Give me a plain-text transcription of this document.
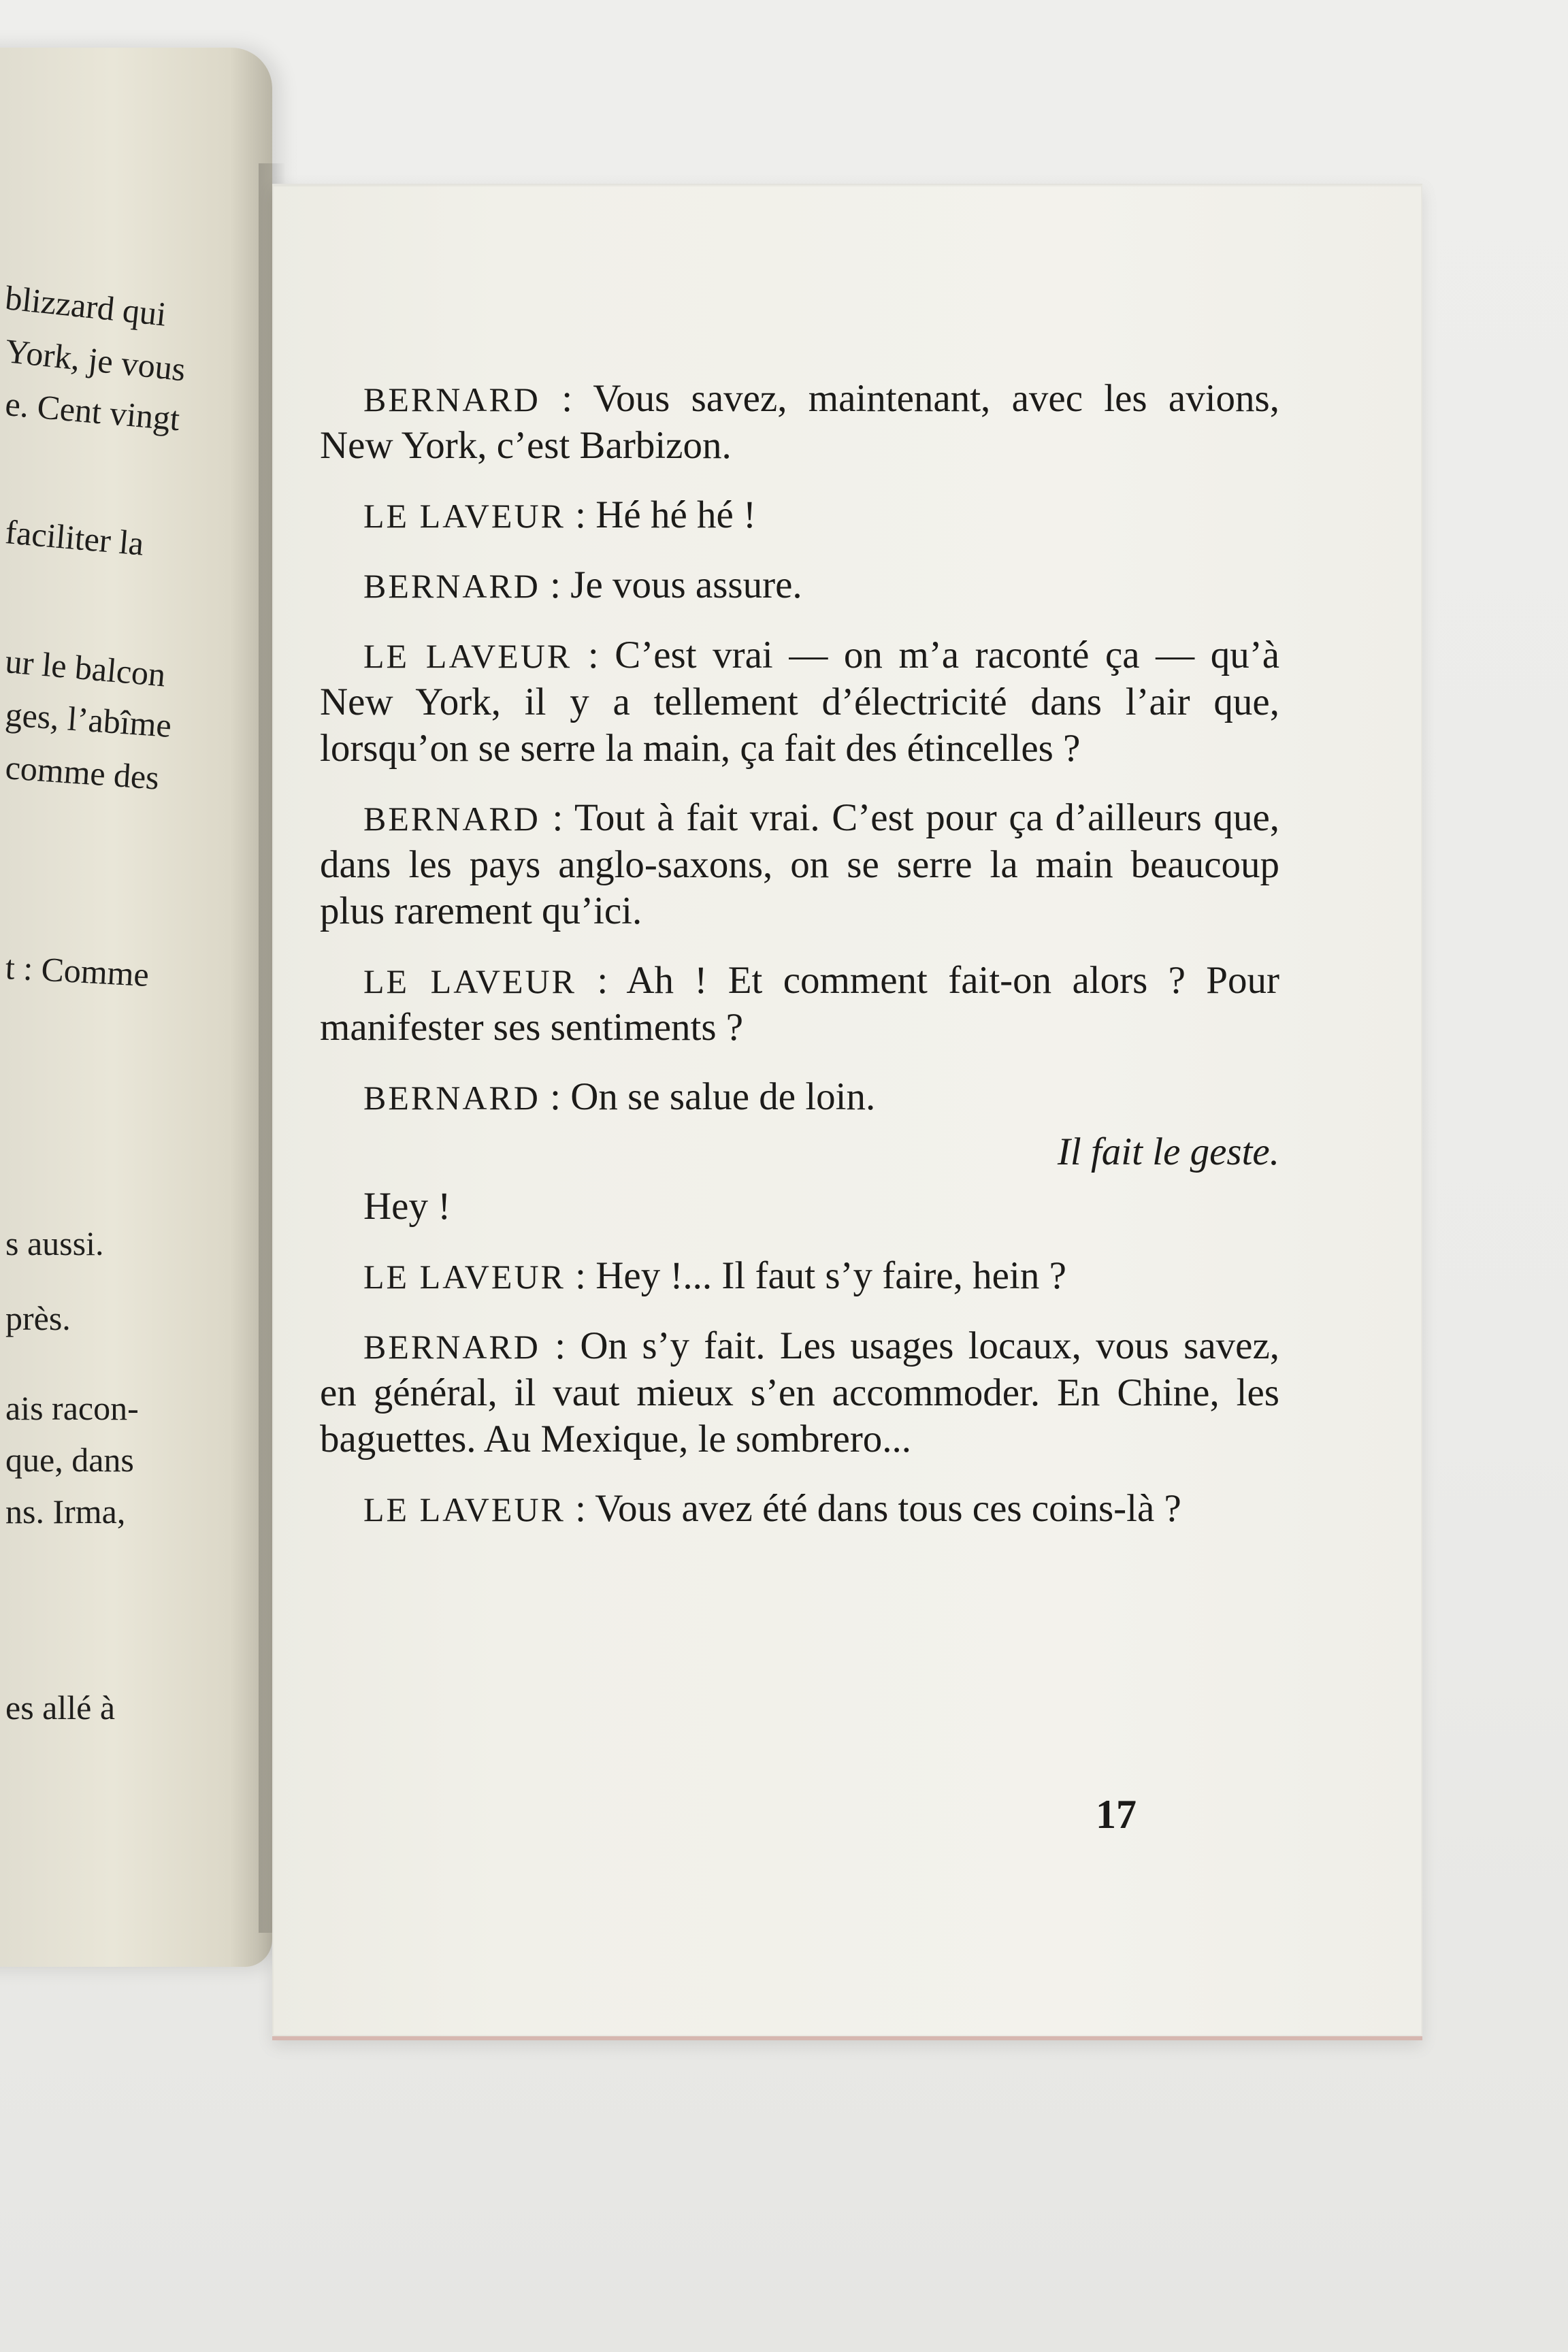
blizzard qui
York, je vous
e. Cent vingt
faciliter la
ur le balcon
ges, l’abîme
comme des
t : Comme
s aussi.
près.
ais racon-
que, dans
ns. Irma,
es allé à

BERNARD : Vous savez, maintenant, avec les avions, New York, c’est Barbizon.

LE LAVEUR : Hé hé hé !

BERNARD : Je vous assure.

LE LAVEUR : C’est vrai — on m’a raconté ça — qu’à New York, il y a tellement d’électricité dans l’air que, lorsqu’on se serre la main, ça fait des étincelles ?

BERNARD : Tout à fait vrai. C’est pour ça d’ailleurs que, dans les pays anglo-saxons, on se serre la main beaucoup plus rarement qu’ici.

LE LAVEUR : Ah ! Et comment fait-on alors ? Pour manifester ses sentiments ?

BERNARD : On se salue de loin.

Il fait le geste.

Hey !

LE LAVEUR : Hey !... Il faut s’y faire, hein ?

BERNARD : On s’y fait. Les usages locaux, vous savez, en général, il vaut mieux s’en accommoder. En Chine, les baguettes. Au Mexique, le sombrero...

LE LAVEUR : Vous avez été dans tous ces coins-là ?

17
